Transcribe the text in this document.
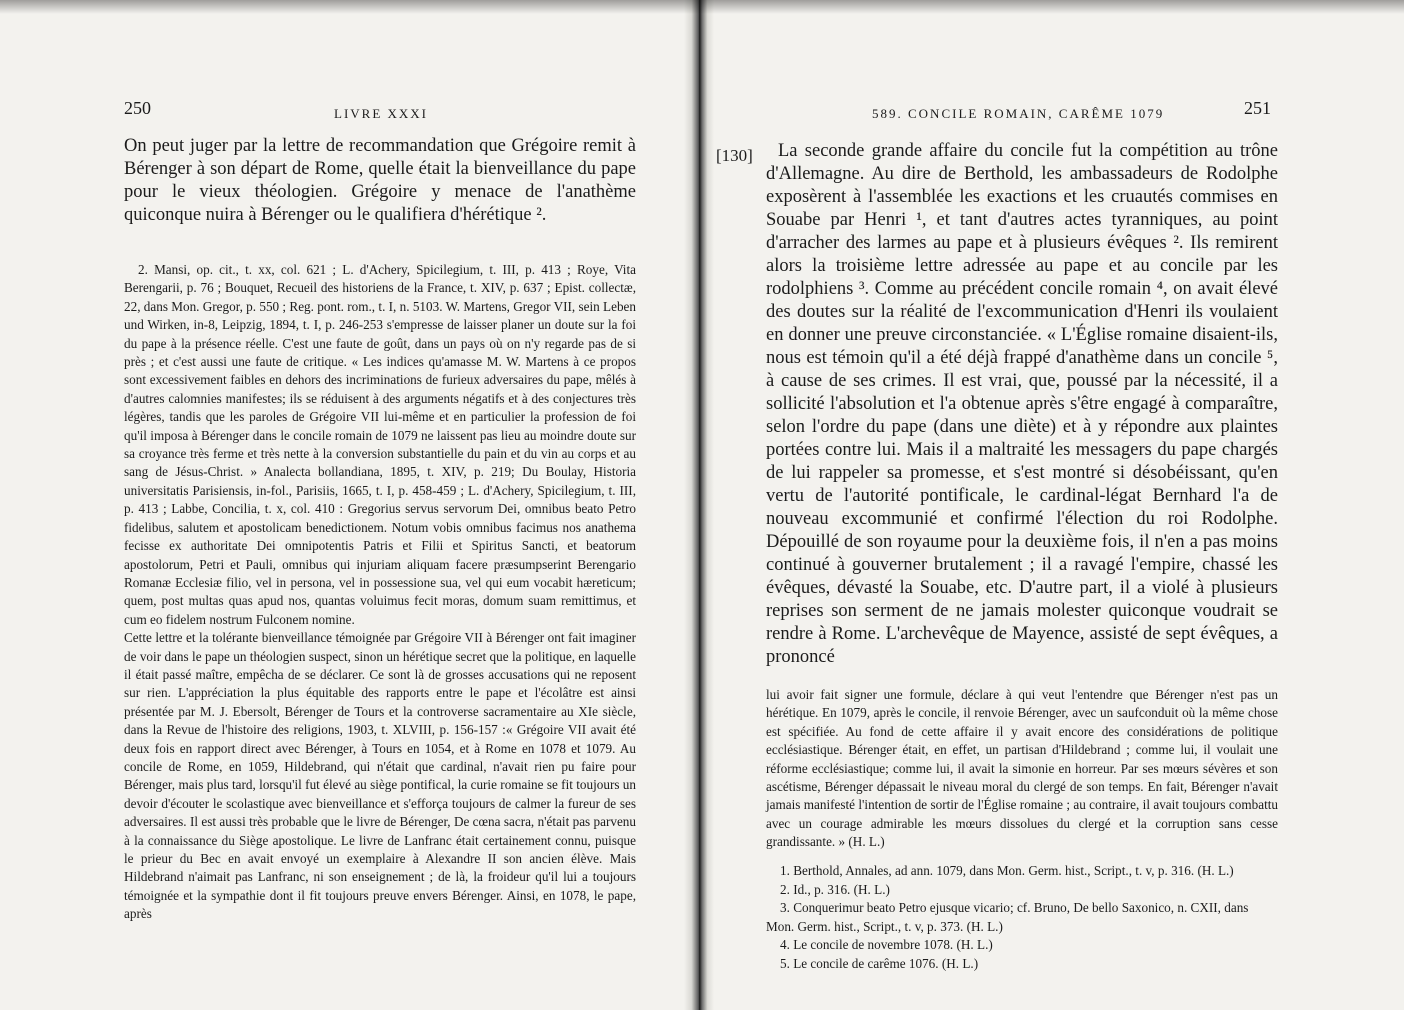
250	LIVRE XXXI
On peut juger par la lettre de recommandation que Grégoire remit à Bérenger à son départ de Rome, quelle était la bienveillance du pape pour le vieux théologien. Grégoire y menace de l'anathème quiconque nuira à Bérenger ou le qualifiera d'hérétique ².

2. Mansi, op. cit., t. xx, col. 621 ; L. d'Achery, Spicilegium, t. III, p. 413 ; Roye, Vita Berengarii, p. 76 ; Bouquet, Recueil des historiens de la France, t. XIV, p. 637 ; Epist. collectæ, 22, dans Mon. Gregor, p. 550 ; Reg. pont. rom., t. I, n. 5103. W. Martens, Gregor VII, sein Leben und Wirken, in-8, Leipzig, 1894, t. I, p. 246-253 s'empresse de laisser planer un doute sur la foi du pape à la présence réelle. C'est une faute de goût, dans un pays où on n'y regarde pas de si près ; et c'est aussi une faute de critique. « Les indices qu'amasse M. W. Martens à ce propos sont excessivement faibles en dehors des incriminations de furieux adversaires du pape, mêlés à d'autres calomnies manifestes; ils se réduisent à des arguments négatifs et à des conjectures très légères, tandis que les paroles de Grégoire VII lui-même et en particulier la profession de foi qu'il imposa à Bérenger dans le concile romain de 1079 ne laissent pas lieu au moindre doute sur sa croyance très ferme et très nette à la conversion substantielle du pain et du vin au corps et au sang de Jésus-Christ. » Analecta bollandiana, 1895, t. XIV, p. 219; Du Boulay, Historia universitatis Parisiensis, in-fol., Parisiis, 1665, t. I, p. 458-459 ; L. d'Achery, Spicilegium, t. III, p. 413 ; Labbe, Concilia, t. x, col. 410 : Gregorius servus servorum Dei, omnibus beato Petro fidelibus, salutem et apostolicam benedictionem. Notum vobis omnibus facimus nos anathema fecisse ex authoritate Dei omnipotentis Patris et Filii et Spiritus Sancti, et beatorum apostolorum, Petri et Pauli, omnibus qui injuriam aliquam facere præsumpserint Berengario Romanæ Ecclesiæ filio, vel in persona, vel in possessione sua, vel qui eum vocabit hæreticum; quem, post multas quas apud nos, quantas voluimus fecit moras, domum suam remittimus, et cum eo fidelem nostrum Fulconem nomine.

Cette lettre et la tolérante bienveillance témoignée par Grégoire VII à Bérenger ont fait imaginer de voir dans le pape un théologien suspect, sinon un hérétique secret que la politique, en laquelle il était passé maître, empêcha de se déclarer. Ce sont là de grosses accusations qui ne reposent sur rien. L'appréciation la plus équitable des rapports entre le pape et l'écolâtre est ainsi présentée par M. J. Ebersolt, Bérenger de Tours et la controverse sacramentaire au XIe siècle, dans la Revue de l'histoire des religions, 1903, t. XLVIII, p. 156-157 :« Grégoire VII avait été deux fois en rapport direct avec Bérenger, à Tours en 1054, et à Rome en 1078 et 1079. Au concile de Rome, en 1059, Hildebrand, qui n'était que cardinal, n'avait rien pu faire pour Bérenger, mais plus tard, lorsqu'il fut élevé au siège pontifical, la curie romaine se fit toujours un devoir d'écouter le scolastique avec bienveillance et s'efforça toujours de calmer la fureur de ses adversaires. Il est aussi très probable que le livre de Bérenger, De cœna sacra, n'était pas parvenu à la connaissance du Siège apostolique. Le livre de Lanfranc était certainement connu, puisque le prieur du Bec en avait envoyé un exemplaire à Alexandre II son ancien élève. Mais Hildebrand n'aimait pas Lanfranc, ni son enseignement ; de là, la froideur qu'il lui a toujours témoignée et la sympathie dont il fit toujours preuve envers Bérenger. Ainsi, en 1078, le pape, après

589. CONCILE ROMAIN, CARÊME 1079	251
[130]	La seconde grande affaire du concile fut la compétition au trône d'Allemagne. Au dire de Berthold, les ambassadeurs de Rodolphe exposèrent à l'assemblée les exactions et les cruautés commises en Souabe par Henri ¹, et tant d'autres actes tyranniques, au point d'arracher des larmes au pape et à plusieurs évêques ². Ils remirent alors la troisième lettre adressée au pape et au concile par les rodolphiens ³. Comme au précédent concile romain ⁴, on avait élevé des doutes sur la réalité de l'excommunication d'Henri ils voulaient en donner une preuve circonstanciée. « L'Église romaine disaient-ils, nous est témoin qu'il a été déjà frappé d'anathème dans un concile ⁵, à cause de ses crimes. Il est vrai, que, poussé par la nécessité, il a sollicité l'absolution et l'a obtenue après s'être engagé à comparaître, selon l'ordre du pape (dans une diète) et à y répondre aux plaintes portées contre lui. Mais il a maltraité les messagers du pape chargés de lui rappeler sa promesse, et s'est montré si désobéissant, qu'en vertu de l'autorité pontificale, le cardinal-légat Bernhard l'a de nouveau excommunié et confirmé l'élection du roi Rodolphe. Dépouillé de son royaume pour la deuxième fois, il n'en a pas moins continué à gouverner brutalement ; il a ravagé l'empire, chassé les évêques, dévasté la Souabe, etc. D'autre part, il a violé à plusieurs reprises son serment de ne jamais molester quiconque voudrait se rendre à Rome. L'archevêque de Mayence, assisté de sept évêques, a prononcé

lui avoir fait signer une formule, déclare à qui veut l'entendre que Bérenger n'est pas un hérétique. En 1079, après le concile, il renvoie Bérenger, avec un saufconduit où la même chose est spécifiée. Au fond de cette affaire il y avait encore des considérations de politique ecclésiastique. Bérenger était, en effet, un partisan d'Hildebrand ; comme lui, il voulait une réforme ecclésiastique; comme lui, il avait la simonie en horreur. Par ses mœurs sévères et son ascétisme, Bérenger dépassait le niveau moral du clergé de son temps. En fait, Bérenger n'avait jamais manifesté l'intention de sortir de l'Église romaine ; au contraire, il avait toujours combattu avec un courage admirable les mœurs dissolues du clergé et la corruption sans cesse grandissante. » (H. L.)

1. Berthold, Annales, ad ann. 1079, dans Mon. Germ. hist., Script., t. v, p. 316. (H. L.)

2. Id., p. 316. (H. L.)

3. Conquerimur beato Petro ejusque vicario; cf. Bruno, De bello Saxonico, n. CXII, dans Mon. Germ. hist., Script., t. v, p. 373. (H. L.)

4. Le concile de novembre 1078. (H. L.)

5. Le concile de carême 1076. (H. L.)
